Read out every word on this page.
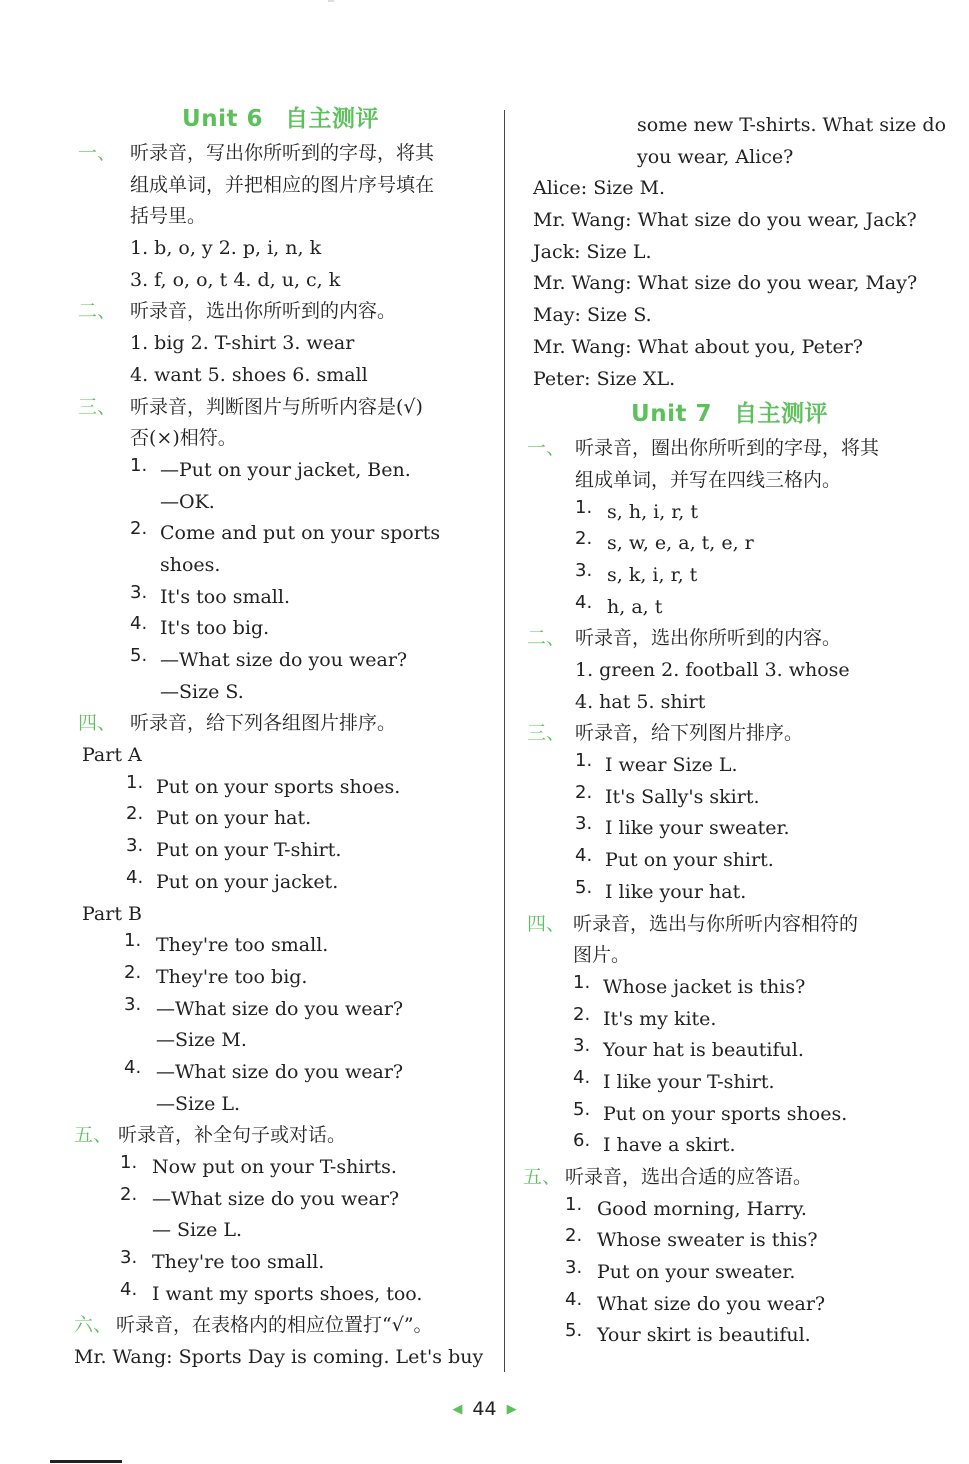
Unit 6 自主测评
一、 听录音，写出你所听到的字母，将其
组成单词，并把相应的图片序号填在
括号里。
1. b, o, y 2. p, i, n, k
3. f, o, o, t 4. d, u, c, k
二、 听录音，选出你所听到的内容。
1. big 2. T-shirt 3. wear
4. want 5. shoes 6. small
三、 听录音，判断图片与所听内容是(√)
否(×)相符。
1. —Put on your jacket, Ben.
—OK.
2. Come and put on your sports
shoes.
3. It's too small.
4. It's too big.
5. —What size do you wear?
—Size S.
四、 听录音，给下列各组图片排序。
Part A
1. Put on your sports shoes.
2. Put on your hat.
3. Put on your T-shirt.
4. Put on your jacket.
Part B
1. They're too small.
2. They're too big.
3. —What size do you wear?
—Size M.
4. —What size do you wear?
—Size L.
五、 听录音，补全句子或对话。
1. Now put on your T-shirts.
2. —What size do you wear?
— Size L.
3. They're too small.
4. I want my sports shoes, too.
六、 听录音，在表格内的相应位置打“√”。
Mr. Wang: Sports Day is coming. Let's buy
some new T-shirts. What size do
you wear, Alice?
Alice: Size M.
Mr. Wang: What size do you wear, Jack?
Jack: Size L.
Mr. Wang: What size do you wear, May?
May: Size S.
Mr. Wang: What about you, Peter?
Peter: Size XL.
Unit 7 自主测评
一、 听录音，圈出你所听到的字母，将其
组成单词，并写在四线三格内。
1. s, h, i, r, t
2. s, w, e, a, t, e, r
3. s, k, i, r, t
4. h, a, t
二、 听录音，选出你所听到的内容。
1. green 2. football 3. whose
4. hat 5. shirt
三、 听录音，给下列图片排序。
1. I wear Size L.
2. It's Sally's skirt.
3. I like your sweater.
4. Put on your shirt.
5. I like your hat.
四、 听录音，选出与你所听内容相符的
图片。
1. Whose jacket is this?
2. It's my kite.
3. Your hat is beautiful.
4. I like your T-shirt.
5. Put on your sports shoes.
6. I have a skirt.
五、 听录音，选出合适的应答语。
1. Good morning, Harry.
2. Whose sweater is this?
3. Put on your sweater.
4. What size do you wear?
5. Your skirt is beautiful.
◀ 44 ▶
